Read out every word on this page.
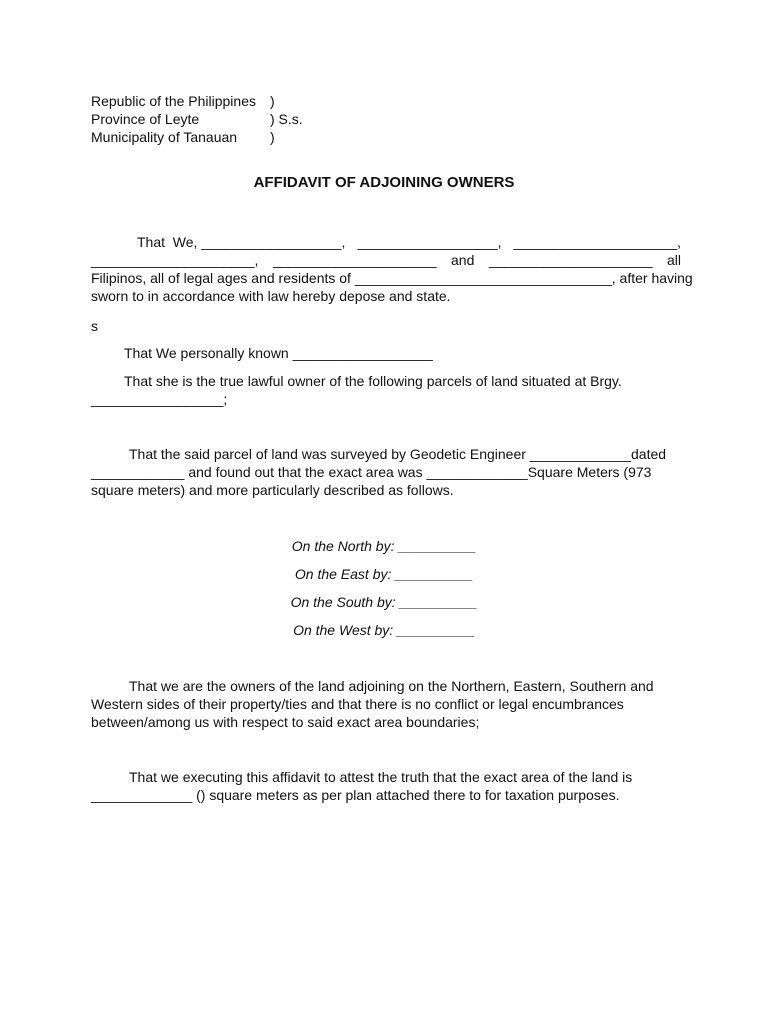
Republic of the Philippines
Province of Leyte
Municipality of Tanauan
)
) S.s.
)
AFFIDAVIT OF ADJOINING OWNERS
That  We, __________________, __________________, _____________________,
_____________________, _____________________ and _____________________ all
Filipinos, all of legal ages and residents of _________________________________, after having
sworn to in accordance with law hereby depose and state.
s
That We personally known __________________
That she is the true lawful owner of the following parcels of land situated at Brgy.
_________________;
That the said parcel of land was surveyed by Geodetic Engineer _____________dated
____________ and found out that the exact area was _____________Square Meters (973
square meters) and more particularly described as follows.
On the North by: __________
On the East by: __________
On the South by: __________
On the West by: __________
That we are the owners of the land adjoining on the Northern, Eastern, Southern and
Western sides of their property/ties and that there is no conflict or legal encumbrances
between/among us with respect to said exact area boundaries;
That we executing this affidavit to attest the truth that the exact area of the land is
_____________ () square meters as per plan attached there to for taxation purposes.
